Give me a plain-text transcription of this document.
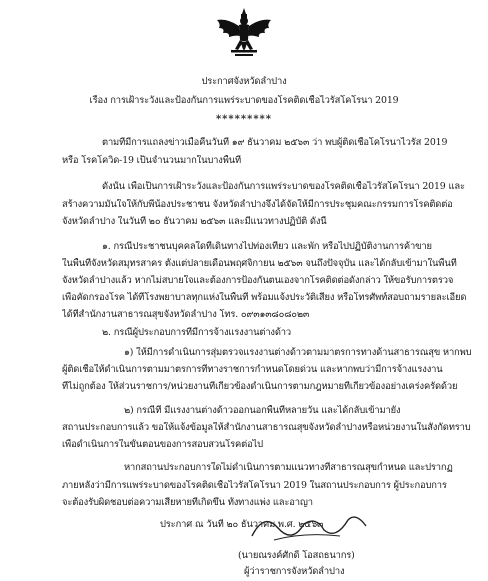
ประกาศจังหวัดลำปาง
เรื่อง การเฝ้าระวังและป้องกันการแพร่ระบาดของโรคติดเชื้อไวรัสโคโรนา 2019
*********
ตามที่มีการแถลงข่าวเมื่อคืนวันที่ ๑๙ ธันวาคม ๒๕๖๓ ว่า พบผู้ติดเชื้อโคโรนาไวรัส 2019
หรือ โรคโควิด-19 เป็นจำนวนมากในบางพื้นที่
ดังนั้น เพื่อเป็นการเฝ้าระวังและป้องกันการแพร่ระบาดของโรคติดเชื้อไวรัสโคโรนา 2019 และ
สร้างความมั่นใจให้กับพี่น้องประชาชน จังหวัดลำปางจึงได้จัดให้มีการประชุมคณะกรรมการโรคติดต่อ
จังหวัดลำปาง ในวันที่ ๒๐ ธันวาคม ๒๕๖๓ และมีแนวทางปฏิบัติ ดังนี้
๑. กรณีประชาชนบุคคลใดที่เดินทางไปท่องเที่ยว และพัก หรือไปปฏิบัติงานการค้าขาย
ในพื้นที่จังหวัดสมุทรสาคร ตั้งแต่ปลายเดือนพฤศจิกายน ๒๕๖๓ จนถึงปัจจุบัน และได้กลับเข้ามาในพื้นที่
จังหวัดลำปางแล้ว หากไม่สบายใจและต้องการป้องกันตนเองจากโรคติดต่อดังกล่าว ให้ขอรับการตรวจ
เพื่อคัดกรองโรค ได้ที่โรงพยาบาลทุกแห่งในพื้นที่ พร้อมแจ้งประวัติเสี่ยง หรือโทรศัพท์สอบถามรายละเอียด
ได้ที่สำนักงานสาธารณสุขจังหวัดลำปาง โทร. ๐๙๓๑๓๘๐๘๐๒๓
๒. กรณีผู้ประกอบการที่มีการจ้างแรงงานต่างด้าว
๑) ให้มีการดำเนินการสุ่มตรวจแรงงานต่างด้าวตามมาตรการทางด้านสาธารณสุข หากพบ
ผู้ติดเชื้อให้ดำเนินการตามมาตรการที่ทางราชการกำหนดโดยด่วน และหากพบว่ามีการจ้างแรงงาน
ที่ไม่ถูกต้อง ให้ส่วนราชการ/หน่วยงานที่เกี่ยวข้องดำเนินการตามกฎหมายที่เกี่ยวข้องอย่างเคร่งครัดด้วย
๒) กรณีที่ มีแรงงานต่างด้าวออกนอกพื้นที่หลายวัน และได้กลับเข้ามายัง
สถานประกอบการแล้ว ขอให้แจ้งข้อมูลให้สำนักงานสาธารณสุขจังหวัดลำปางหรือหน่วยงานในสังกัดทราบ
เพื่อดำเนินการในขั้นตอนของการสอบสวนโรคต่อไป
หากสถานประกอบการใดไม่ดำเนินการตามแนวทางที่สาธารณสุขกำหนด และปรากฏ
ภายหลังว่ามีการแพร่ระบาดของโรคติดเชื้อไวรัสโคโรนา 2019 ในสถานประกอบการ ผู้ประกอบการ
จะต้องรับผิดชอบต่อความเสียหายที่เกิดขึ้น ทั้งทางแพ่ง และอาญา
ประกาศ ณ วันที่ ๒๐ ธันวาคม พ.ศ. ๒๕๖๓
(นายณรงค์ศักดิ์ โอสถธนากร)
ผู้ว่าราชการจังหวัดลำปาง
